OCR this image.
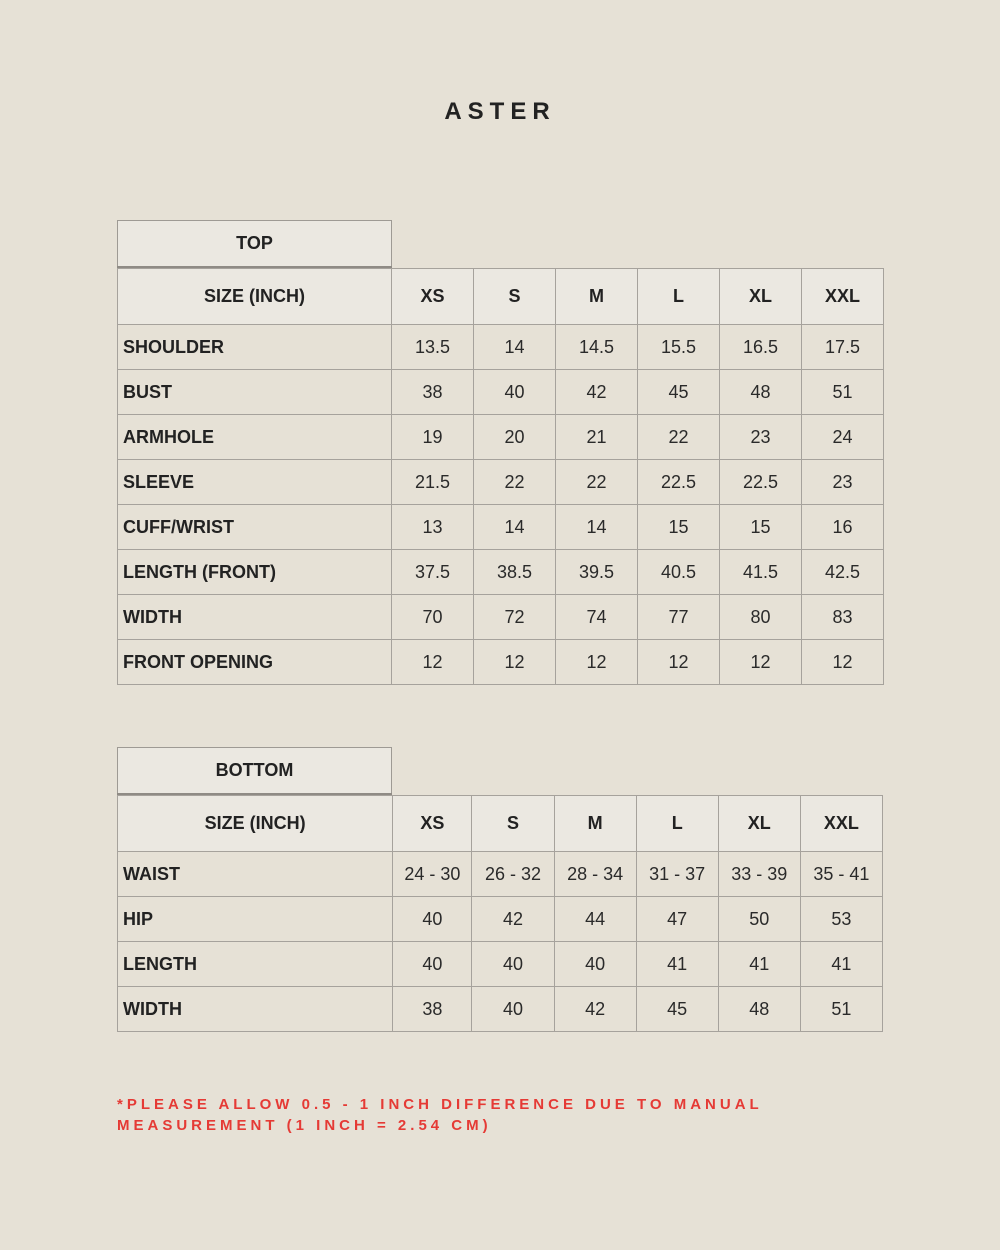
ASTER
TOP
SIZE (INCH)	XS	S	M	L	XL	XXL
SHOULDER	13.5	14	14.5	15.5	16.5	17.5
BUST	38	40	42	45	48	51
ARMHOLE	19	20	21	22	23	24
SLEEVE	21.5	22	22	22.5	22.5	23
CUFF/WRIST	13	14	14	15	15	16
LENGTH (FRONT)	37.5	38.5	39.5	40.5	41.5	42.5
WIDTH	70	72	74	77	80	83
FRONT OPENING	12	12	12	12	12	12
BOTTOM
SIZE (INCH)	XS	S	M	L	XL	XXL
WAIST	24 - 30	26 - 32	28 - 34	31 - 37	33 - 39	35 - 41
HIP	40	42	44	47	50	53
LENGTH	40	40	40	41	41	41
WIDTH	38	40	42	45	48	51
*PLEASE ALLOW 0.5 - 1 INCH DIFFERENCE DUE TO MANUAL
MEASUREMENT (1 INCH = 2.54 CM)
